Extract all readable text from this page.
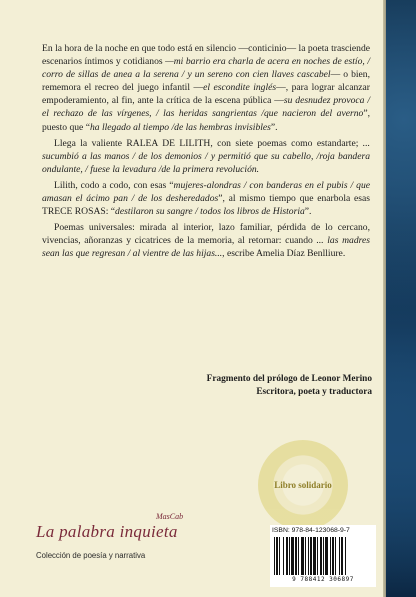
En la hora de la noche en que todo está en silencio —conticinio— la poeta trasciende escenarios íntimos y cotidianos —mi barrio era charla de acera en noches de estío, / corro de sillas de anea a la serena / y un sereno con cien llaves cascabel— o bien, rememora el recreo del juego infantil —el escondite inglés—, para lograr alcanzar empoderamiento, al fin, ante la crítica de la escena pública —su desnudez provoca / el rechazo de las vírgenes, / las heridas sangrientas /que nacieron del averno”, puesto que “ha llegado al tiempo /de las hembras invisibles”.

Llega la valiente RALEA DE LILITH, con siete poemas como estandarte; ... sucumbió a las manos / de los demonios / y permitió que su cabello, /roja bandera ondulante, / fuese la levadura /de la primera revolución.

Lilith, codo a codo, con esas “mujeres-alondras / con banderas en el pubis / que amasan el ácimo pan / de los desheredados”, al mismo tiempo que enarbola esas TRECE ROSAS: “destilaron su sangre / todos los libros de Historia”.

Poemas universales: mirada al interior, lazo familiar, pérdida de lo cercano, vivencias, añoranzas y cicatrices de la memoria, al retornar: cuando ... las madres sean las que regresan / al vientre de las hijas..., escribe Amelia Díaz Benlliure.

Fragmento del prólogo de Leonor Merino
Escritora, poeta y traductora
Libro solidario
MasCab
La palabra inquieta
Colección de poesía y narrativa
ISBN: 978-84-123068-9-7
9 788412 306897
